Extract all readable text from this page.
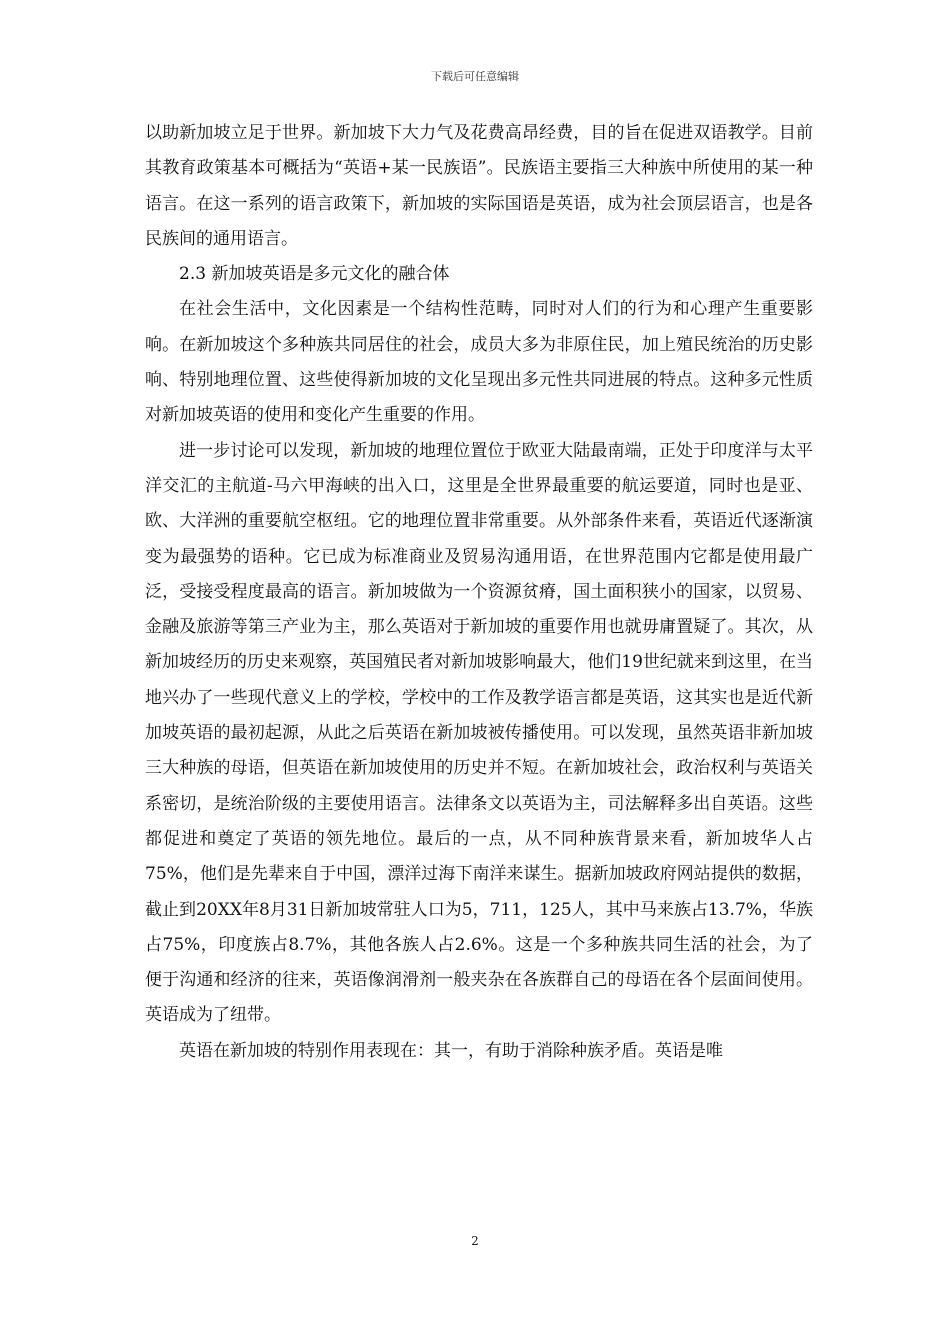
下载后可任意编辑

以助新加坡立足于世界。新加坡下大力气及花费高昂经费，目的旨在促进双语教学。目前其教育政策基本可概括为“英语+某一民族语”。民族语主要指三大种族中所使用的某一种语言。在这一系列的语言政策下，新加坡的实际国语是英语，成为社会顶层语言，也是各民族间的通用语言。

2.3 新加坡英语是多元文化的融合体

在社会生活中，文化因素是一个结构性范畴，同时对人们的行为和心理产生重要影响。在新加坡这个多种族共同居住的社会，成员大多为非原住民，加上殖民统治的历史影响、特别地理位置、这些使得新加坡的文化呈现出多元性共同进展的特点。这种多元性质对新加坡英语的使用和变化产生重要的作用。

进一步讨论可以发现，新加坡的地理位置位于欧亚大陆最南端，正处于印度洋与太平洋交汇的主航道-马六甲海峡的出入口，这里是全世界最重要的航运要道，同时也是亚、欧、大洋洲的重要航空枢纽。它的地理位置非常重要。从外部条件来看，英语近代逐渐演变为最强势的语种。它已成为标准商业及贸易沟通用语，在世界范围内它都是使用最广泛，受接受程度最高的语言。新加坡做为一个资源贫瘠，国土面积狭小的国家，以贸易、金融及旅游等第三产业为主，那么英语对于新加坡的重要作用也就毋庸置疑了。其次，从新加坡经历的历史来观察，英国殖民者对新加坡影响最大，他们19世纪就来到这里，在当地兴办了一些现代意义上的学校，学校中的工作及教学语言都是英语，这其实也是近代新加坡英语的最初起源，从此之后英语在新加坡被传播使用。可以发现，虽然英语非新加坡三大种族的母语，但英语在新加坡使用的历史并不短。在新加坡社会，政治权利与英语关系密切，是统治阶级的主要使用语言。法律条文以英语为主，司法解释多出自英语。这些都促进和奠定了英语的领先地位。最后的一点，从不同种族背景来看，新加坡华人占75%，他们是先辈来自于中国，漂洋过海下南洋来谋生。据新加坡政府网站提供的数据，截止到20XX年8月31日新加坡常驻人口为5，711，125人，其中马来族占13.7%，华族占75%，印度族占8.7%，其他各族人占2.6%。这是一个多种族共同生活的社会，为了便于沟通和经济的往来，英语像润滑剂一般夹杂在各族群自己的母语在各个层面间使用。英语成为了纽带。

英语在新加坡的特别作用表现在：其一，有助于消除种族矛盾。英语是唯

2
